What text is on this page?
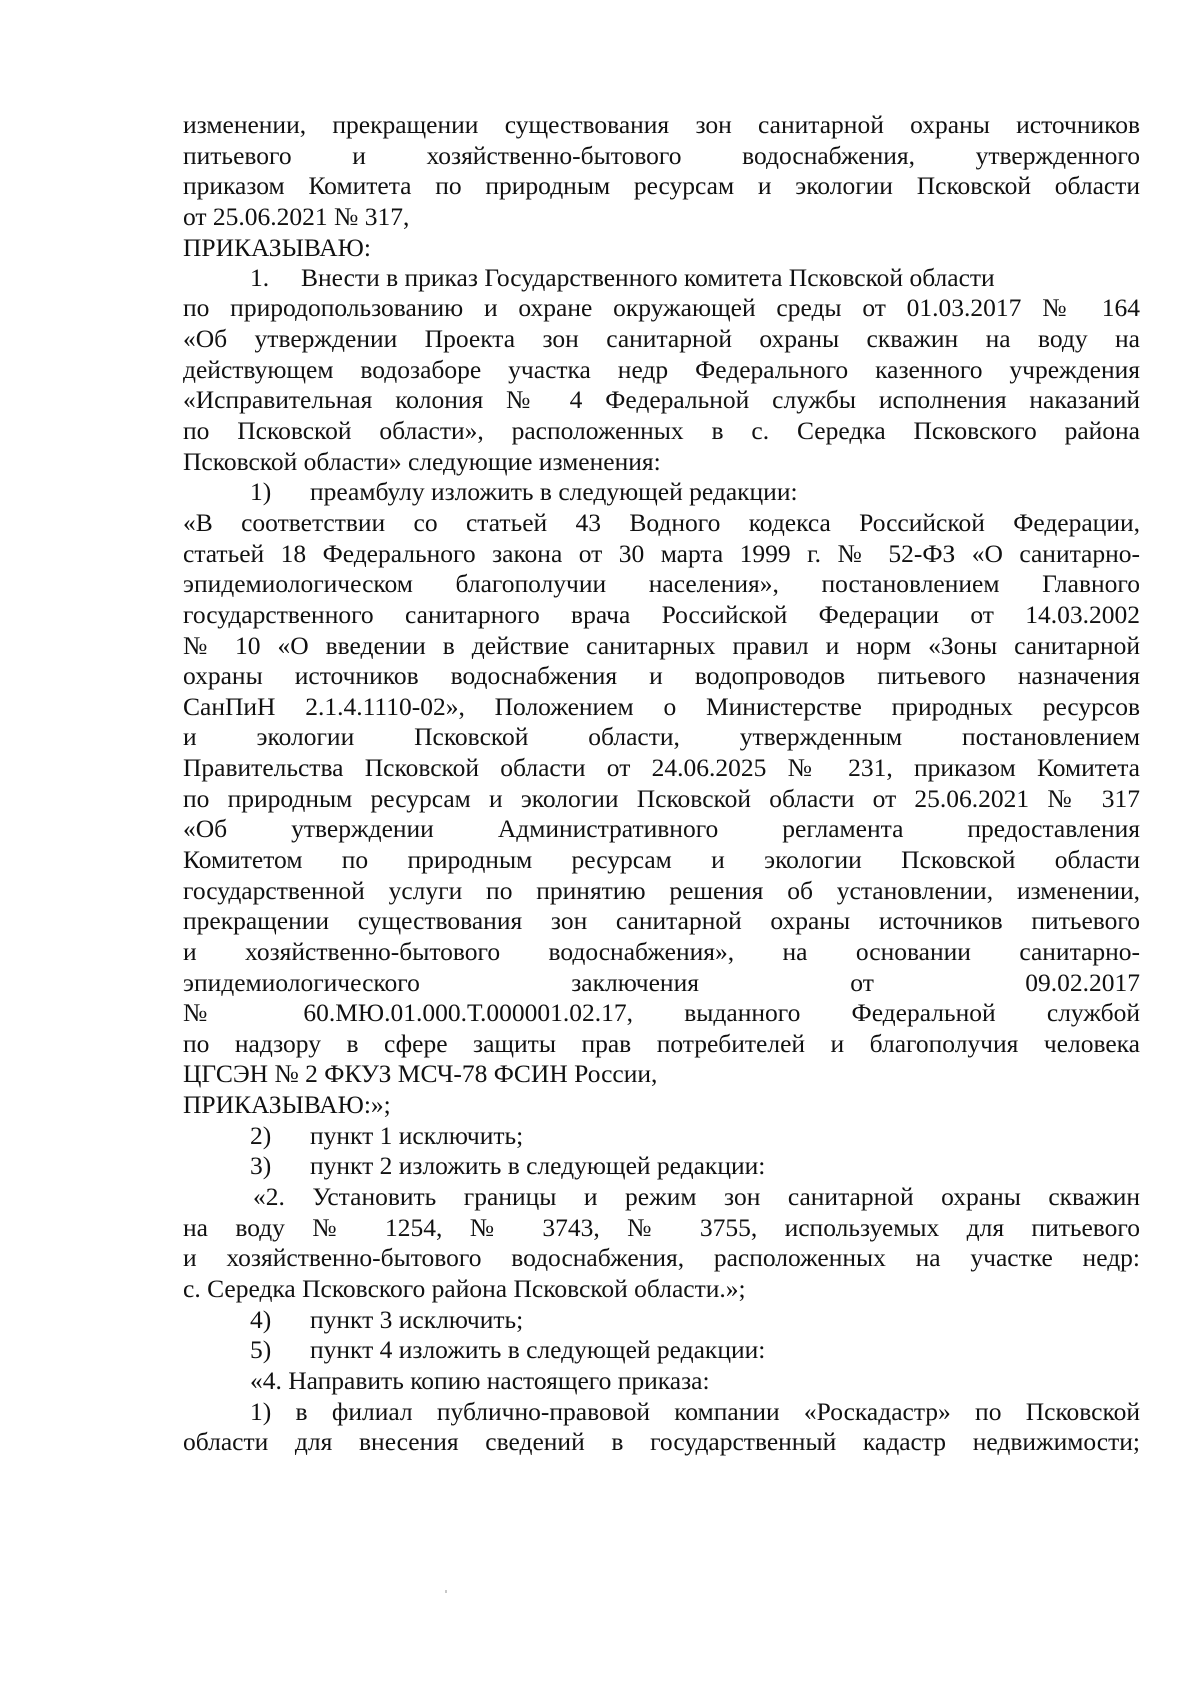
изменении, прекращении существования зон санитарной охраны источников
питьевого и хозяйственно-бытового водоснабжения, утвержденного
приказом Комитета по природным ресурсам и экологии Псковской области
от 25.06.2021 № 317,
ПРИКАЗЫВАЮ:
1. Внести в приказ Государственного комитета Псковской области
по природопользованию и охране окружающей среды от 01.03.2017 № 164
«Об утверждении Проекта зон санитарной охраны скважин на воду на
действующем водозаборе участка недр Федерального казенного учреждения
«Исправительная колония № 4 Федеральной службы исполнения наказаний
по Псковской области», расположенных в с. Середка Псковского района
Псковской области» следующие изменения:
1) преамбулу изложить в следующей редакции:
«В соответствии со статьей 43 Водного кодекса Российской Федерации,
статьей 18 Федерального закона от 30 марта 1999 г. № 52-ФЗ «О санитарно-
эпидемиологическом благополучии населения», постановлением Главного
государственного санитарного врача Российской Федерации от 14.03.2002
№ 10 «О введении в действие санитарных правил и норм «Зоны санитарной
охраны источников водоснабжения и водопроводов питьевого назначения
СанПиН 2.1.4.1110-02», Положением о Министерстве природных ресурсов
и экологии Псковской области, утвержденным постановлением
Правительства Псковской области от 24.06.2025 № 231, приказом Комитета
по природным ресурсам и экологии Псковской области от 25.06.2021 № 317
«Об утверждении Административного регламента предоставления
Комитетом по природным ресурсам и экологии Псковской области
государственной услуги по принятию решения об установлении, изменении,
прекращении существования зон санитарной охраны источников питьевого
и хозяйственно-бытового водоснабжения», на основании санитарно-
эпидемиологического заключения от 09.02.2017
№ 60.МЮ.01.000.Т.000001.02.17, выданного Федеральной службой
по надзору в сфере защиты прав потребителей и благополучия человека
ЦГСЭН № 2 ФКУЗ МСЧ-78 ФСИН России,
ПРИКАЗЫВАЮ:»;
2) пункт 1 исключить;
3) пункт 2 изложить в следующей редакции:
«2. Установить границы и режим зон санитарной охраны скважин
на воду № 1254, № 3743, № 3755, используемых для питьевого
и хозяйственно-бытового водоснабжения, расположенных на участке недр:
с. Середка Псковского района Псковской области.»;
4) пункт 3 исключить;
5) пункт 4 изложить в следующей редакции:
«4. Направить копию настоящего приказа:
1) в филиал публично-правовой компании «Роскадастр» по Псковской
области для внесения сведений в государственный кадастр недвижимости;
